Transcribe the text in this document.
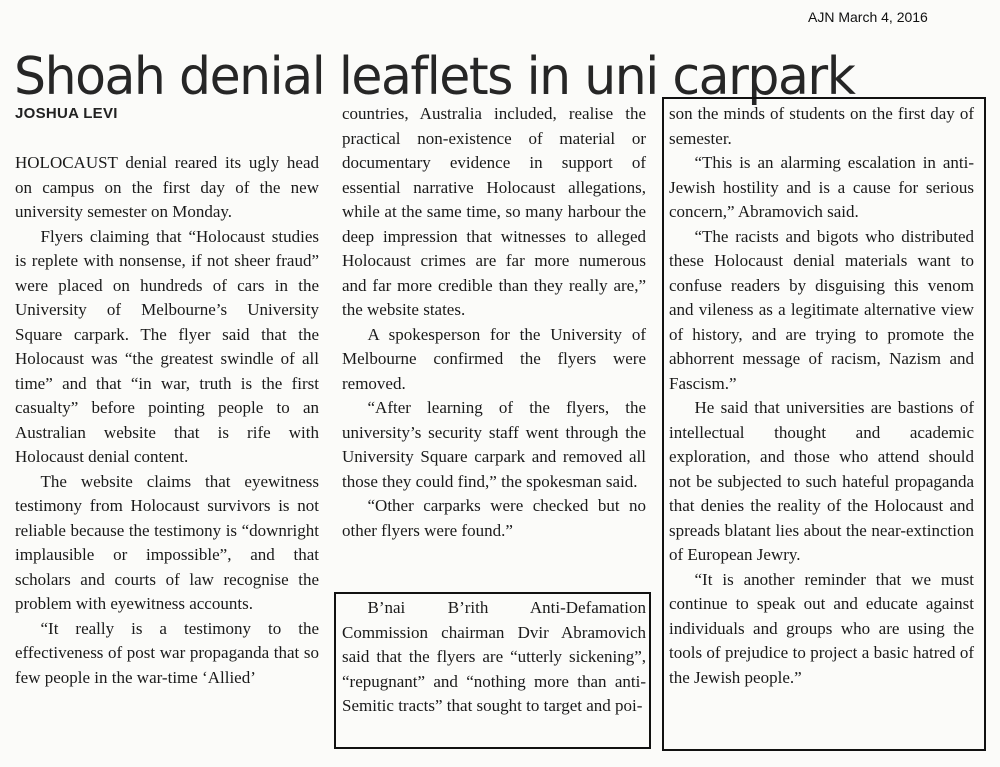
AJN March 4, 2016
Shoah denial leaflets in uni carpark
JOSHUA LEVI

HOLOCAUST denial reared its ugly head on campus on the first day of the new university semester on Monday.

Flyers claiming that “Holocaust studies is replete with nonsense, if not sheer fraud” were placed on hundreds of cars in the University of Melbourne’s University Square carpark. The flyer said that the Holocaust was “the greatest swindle of all time” and that “in war, truth is the first casualty” before pointing people to an Australian website that is rife with Holocaust denial content.

The website claims that eyewitness testimony from Holocaust survivors is not reliable because the testimony is “downright implausible or impossible”, and that scholars and courts of law recognise the problem with eyewitness accounts.

“It really is a testimony to the effectiveness of post war propaganda that so few people in the war-time ‘Allied’

countries, Australia included, realise the practical non-existence of material or documentary evidence in support of essential narrative Holocaust allegations, while at the same time, so many harbour the deep impression that witnesses to alleged Holocaust crimes are far more numerous and far more credible than they really are,” the website states.

A spokesperson for the University of Melbourne confirmed the flyers were removed.

“After learning of the flyers, the university’s security staff went through the University Square carpark and removed all those they could find,” the spokesman said.

“Other carparks were checked but no other flyers were found.”

B’nai B’rith Anti-Defamation Commission chairman Dvir Abramovich said that the flyers are “utterly sickening”, “repugnant” and “nothing more than anti-Semitic tracts” that sought to target and poi-

son the minds of students on the first day of semester.

“This is an alarming escalation in anti-Jewish hostility and is a cause for serious concern,” Abramovich said.

“The racists and bigots who distributed these Holocaust denial materials want to confuse readers by disguising this venom and vileness as a legitimate alternative view of history, and are trying to promote the abhorrent message of racism, Nazism and Fascism.”

He said that universities are bastions of intellectual thought and academic exploration, and those who attend should not be subjected to such hateful propaganda that denies the reality of the Holocaust and spreads blatant lies about the near-extinction of European Jewry.

“It is another reminder that we must continue to speak out and educate against individuals and groups who are using the tools of prejudice to project a basic hatred of the Jewish people.”
